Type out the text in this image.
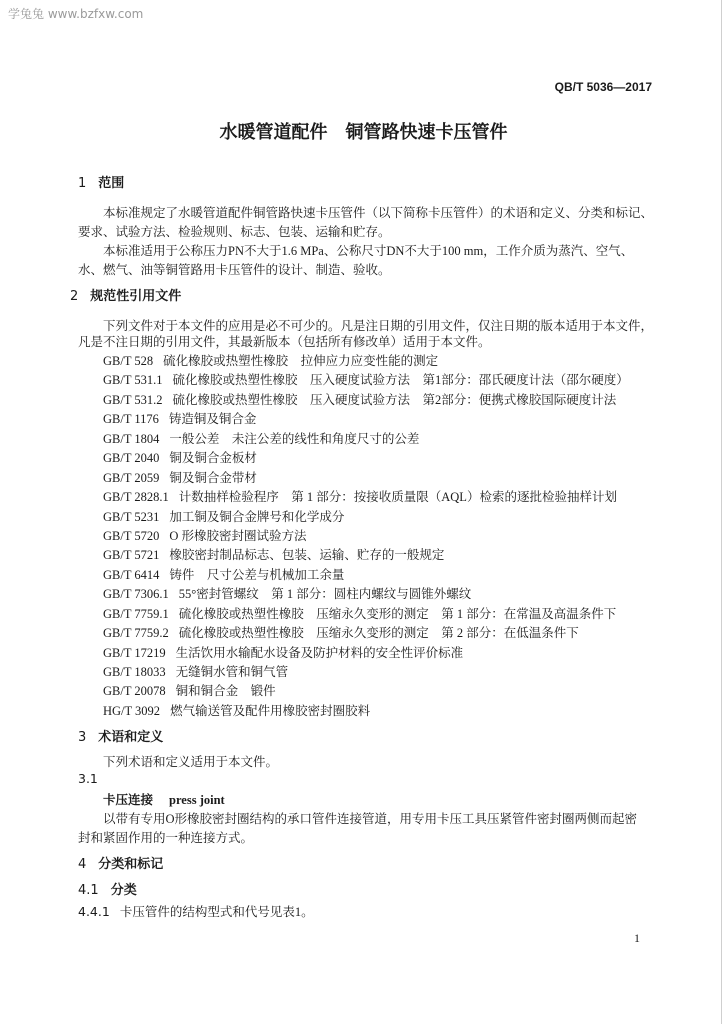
学兔兔 www.bzfxw.com
QB/T 5036—2017
水暖管道配件　铜管路快速卡压管件
1 范围
本标准规定了水暖管道配件铜管路快速卡压管件（以下简称卡压管件）的术语和定义、分类和标记、
要求、试验方法、检验规则、标志、包装、运输和贮存。
本标准适用于公称压力PN不大于1.6 MPa、公称尺寸DN不大于100 mm，工作介质为蒸汽、空气、
水、燃气、油等铜管路用卡压管件的设计、制造、验收。
2 规范性引用文件
下列文件对于本文件的应用是必不可少的。凡是注日期的引用文件，仅注日期的版本适用于本文件，
凡是不注日期的引用文件，其最新版本（包括所有修改单）适用于本文件。
GB/T 528 硫化橡胶或热塑性橡胶　拉伸应力应变性能的测定
GB/T 531.1 硫化橡胶或热塑性橡胶　压入硬度试验方法　第1部分：邵氏硬度计法（邵尔硬度）
GB/T 531.2 硫化橡胶或热塑性橡胶　压入硬度试验方法　第2部分：便携式橡胶国际硬度计法
GB/T 1176 铸造铜及铜合金
GB/T 1804 一般公差　未注公差的线性和角度尺寸的公差
GB/T 2040 铜及铜合金板材
GB/T 2059 铜及铜合金带材
GB/T 2828.1 计数抽样检验程序　第 1 部分：按接收质量限（AQL）检索的逐批检验抽样计划
GB/T 5231 加工铜及铜合金牌号和化学成分
GB/T 5720 O 形橡胶密封圈试验方法
GB/T 5721 橡胶密封制品标志、包装、运输、贮存的一般规定
GB/T 6414 铸件　尺寸公差与机械加工余量
GB/T 7306.1 55°密封管螺纹　第 1 部分：圆柱内螺纹与圆锥外螺纹
GB/T 7759.1 硫化橡胶或热塑性橡胶　压缩永久变形的测定　第 1 部分：在常温及高温条件下
GB/T 7759.2 硫化橡胶或热塑性橡胶　压缩永久变形的测定　第 2 部分：在低温条件下
GB/T 17219 生活饮用水输配水设备及防护材料的安全性评价标准
GB/T 18033 无缝铜水管和铜气管
GB/T 20078 铜和铜合金　锻件
HG/T 3092 燃气输送管及配件用橡胶密封圈胶料
3 术语和定义
下列术语和定义适用于本文件。
3.1
卡压连接 press joint
以带有专用O形橡胶密封圈结构的承口管件连接管道，用专用卡压工具压紧管件密封圈两侧而起密
封和紧固作用的一种连接方式。
4 分类和标记
4.1 分类
4.4.1 卡压管件的结构型式和代号见表1。
1
